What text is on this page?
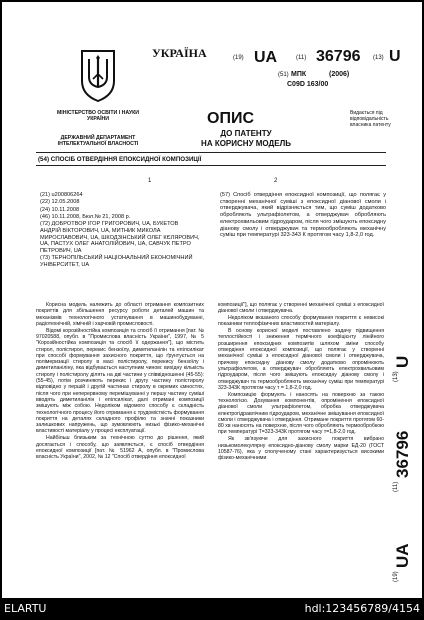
УКРАЇНА
МІНІСТЕРСТВО ОСВІТИ І НАУКИ УКРАЇНИ
ДЕРЖАВНИЙ ДЕПАРТАМЕНТ ІНТЕЛЕКТУАЛЬНОЇ ВЛАСНОСТІ
(19) UA	(11) 36796 (13) U
(51) МПК	(2006)
C09D 163/00
ОПИС
ДО ПАТЕНТУ
НА КОРИСНУ МОДЕЛЬ
Видається під відповідальність власника патенту
(54) СПОСІБ ОТВЕРДІННЯ ЕПОКСИДНОЇ КОМПОЗИЦІЇ
1	2
(21) u200806264
(22) 12.05.2008
(24) 10.11.2008
(46) 10.11.2008, Бюл.№ 21, 2008 р.
(72) ДОБРОТВОР ІГОР ГРИГОРОВИЧ, UA, БУКЕТОВ АНДРІЙ ВІКТОРОВИЧ, UA, МИТНИК МИКОЛА МИРОСЛАВОВИЧ, UA, ШКОДЗІНСЬКИЙ ОЛЕГ КЄЛЯРОВИЧ, UA, ПАСТУХ ОЛЕГ АНАТОЛІЙОВИЧ, UA, САВЧУК ПЕТРО ПЕТРОВИЧ, UA
(73) ТЕРНОПІЛЬСЬКИЙ НАЦІОНАЛЬНИЙ ЕКОНОМІЧНИЙ УНІВЕРСИТЕТ, UA
(57) Спосіб отвердіння епоксидної композиції, що полягає у створенні механічної суміші з епоксидної діанової смоли і отверджувача, який відрізняється тим, що суміш додатково обробляють ультрафіолетом, а отверджувач обробляють електрохвильовим гідроударом, після чого змішують епоксидну діанову смолу і отверджувач та термообробляють механічну суміш при температурі 323-343 К протягом часу 1,8-2,0 год.

Корисна модель належить до області отримання композитних покриттів для збільшення ресурсу роботи деталей машин та механізмів технологічного устаткування в машинобудуванні, радіотехнічній, хімічній і харчовій промисловості.

Відомі корозійностійка композиція та спосіб її отримання [пат. № 97020588, опубл. в "Промисловa власність України", 1997, № 5 "Корозійностійка композиція та спосіб її одержання"], що містить стирол, полістирол, перекис бензоїлу, диметиланілін та епілсилікат при способі формування захисного покриття, що ґрунтується на полімеризації стиролу в масі полістиролу, перекису бензоїлу і диметиланіліну, яка відбувається наступним чином: вихідну кількість стиролу і полістиролу ділять на дві частини у співвідношенні (45-55):(55-45), потім розчиняють перекис і другу частину полістиролу відповідно у першій і другій частинах стиролу в окремих ємностях, після чого при неперервному перемішуванні у першу частину суміші вводять диметиланілін і епілсилікат, далі отримані композиції змішують між собою. Недоліком відомого способу є складність технологічного процесу його отримання є трудомісткість формування покриття на деталях складного профілю та значні показники залишкових напружень, що зумовлюють низькі фізико-механічні властивості матеріалу у процесі експлуатації.

Найбільш близьким за технічною суттю до рішення, який досягається і способу, що заявляється, є спосіб отвердіння епоксидної композиції [пат. № 51962 A, опубл. в "Промислова власність України", 2002, № 12 "Спосіб отвердіння епоксидної

композиції"], що полягає у створенні механічної суміші з епоксидної діанової смоли і отверджувача.

Недоліком вказаного способу формування покриття є невисокі показники теплофізичних властивостей матеріалу.

В основу корисної моделі поставлено задачу підвищення теплостійкості і зниження термічного коефіцієнту лінійного розширення епоксидних композитів шляхом зміни способу отвердіння епоксидної композиції, що полягає у створенні механічної суміші з епоксидної діанової смоли і отверджувача, причому епоксидну діанову смолу додатково опромінюють ультрафіолетом, а отверджувач обробляють електрохвильовим гідроударом, після чого змішують епоксидну діанову смолу і отверджувач та термообробляють механічну суміш при температурі 323-343К протягом часу т = 1,8-2,0 год.

Композицію формують і наносять на поверхню за такою технологією. Дозування компонентів, опромінення епоксидної діанової смоли ультрафіолетом, обробка отверджувача електрогідравлічним гідроударом, механічне змішування епоксидної смоли і отверджувача і отвердіння. Отримане покриття протягом 60-80 хв наносять на поверхню, після чого обробляють термообробкою при температурі Т=323-343К протягом часу т=1,8-2,0 год.

Як зв'язуюче для захисного покриття вибрано низькомолекулярну епоксидно-діанову смолу марки ЕД-20 (ГОСТ 10587-76), яка у сполученому стані характеризується високими фізико-механічними

(19)
UA
(11)
36796
(13)
U
ELARTU	hdl:123456789/4154
